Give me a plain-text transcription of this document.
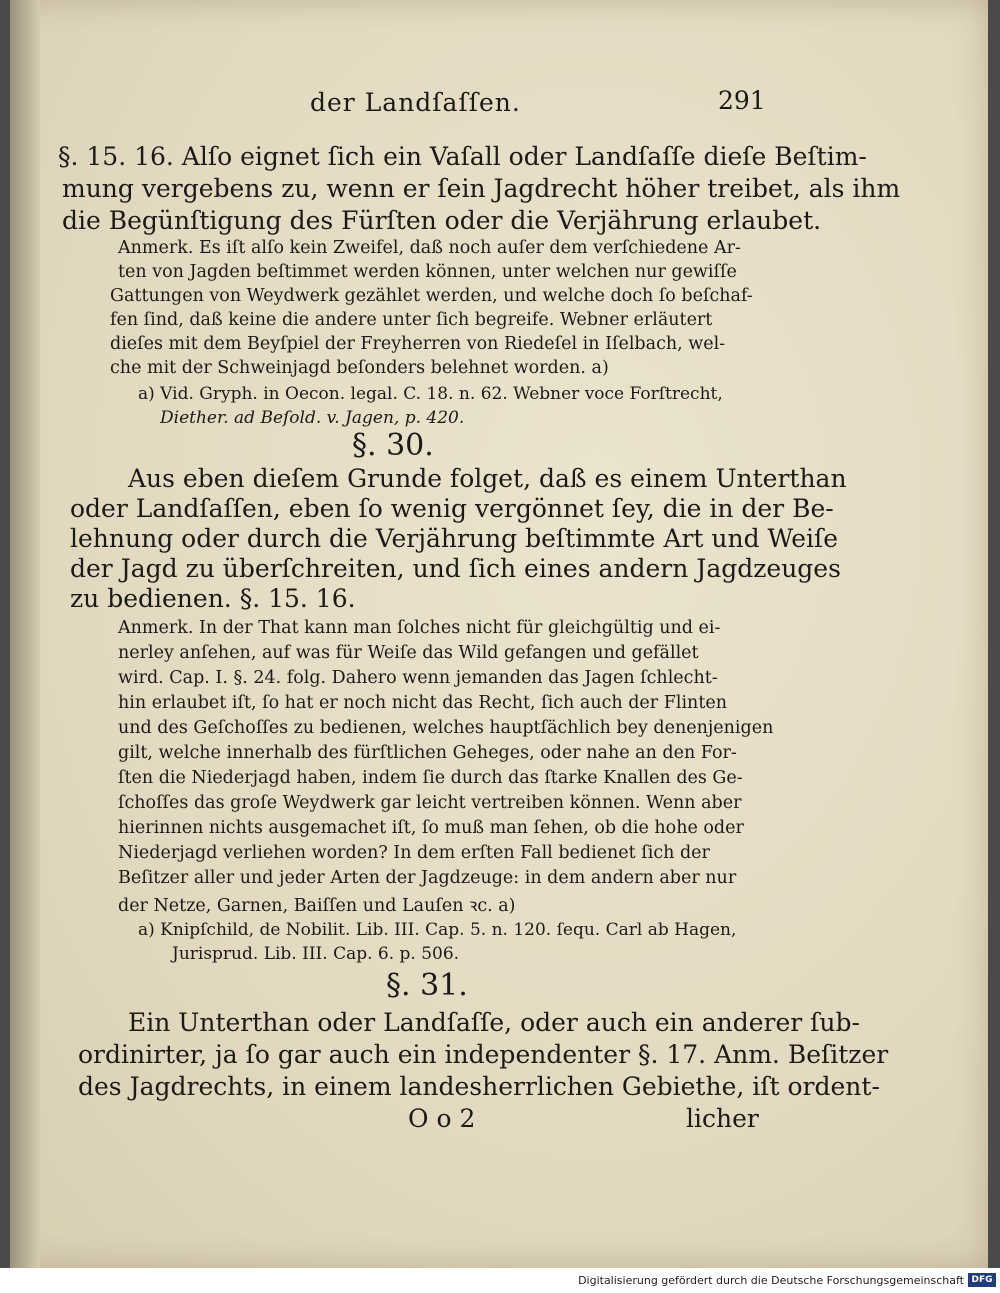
der Landſaſſen.	291
§. 15. 16. Alſo eignet ſich ein Vaſall oder Landſaſſe dieſe Beſtim-
mung vergebens zu, wenn er ſein Jagdrecht höher treibet, als ihm
die Begünſtigung des Fürſten oder die Verjährung erlaubet.
Anmerk. Es iſt alſo kein Zweifel, daß noch auſer dem verſchiedene Ar-
ten von Jagden beſtimmet werden können, unter welchen nur gewiſſe
Gattungen von Weydwerk gezählet werden, und welche doch ſo beſchaf-
fen ſind, daß keine die andere unter ſich begreife. Webner erläutert
dieſes mit dem Beyſpiel der Freyherren von Riedeſel in Iſelbach, wel-
che mit der Schweinjagd beſonders belehnet worden. a)
a) Vid. Gryph. in Oecon. legal. C. 18. n. 62. Webner voce Forſtrecht,
Diether. ad Beſold. v. Jagen, p. 420.
§. 30.
Aus eben dieſem Grunde folget, daß es einem Unterthan
oder Landſaſſen, eben ſo wenig vergönnet ſey, die in der Be-
lehnung oder durch die Verjährung beſtimmte Art und Weiſe
der Jagd zu überſchreiten, und ſich eines andern Jagdzeuges
zu bedienen. §. 15. 16.
Anmerk. In der That kann man ſolches nicht für gleichgültig und ei-
nerley anſehen, auf was für Weiſe das Wild gefangen und gefället
wird. Cap. I. §. 24. folg. Dahero wenn jemanden das Jagen ſchlecht-
hin erlaubet iſt, ſo hat er noch nicht das Recht, ſich auch der Flinten
und des Geſchoſſes zu bedienen, welches hauptſächlich bey denenjenigen
gilt, welche innerhalb des fürſtlichen Geheges, oder nahe an den For-
ſten die Niederjagd haben, indem ſie durch das ſtarke Knallen des Ge-
ſchoſſes das groſe Weydwerk gar leicht vertreiben können. Wenn aber
hierinnen nichts ausgemachet iſt, ſo muß man ſehen, ob die hohe oder
Niederjagd verliehen worden? In dem erſten Fall bedienet ſich der
Beſitzer aller und jeder Arten der Jagdzeuge: in dem andern aber nur
der Netze, Garnen, Baiſſen und Lauſen ꝛc. a)
a) Knipſchild, de Nobilit. Lib. III. Cap. 5. n. 120. ſequ. Carl ab Hagen,
Jurisprud. Lib. III. Cap. 6. p. 506.
§. 31.
Ein Unterthan oder Landſaſſe, oder auch ein anderer ſub-
ordinirter, ja ſo gar auch ein independenter §. 17. Anm. Beſitzer
des Jagdrechts, in einem landesherrlichen Gebiethe, iſt ordent-
O o 2	licher
Digitalisierung gefördert durch die Deutsche Forschungsgemeinschaft DFG
